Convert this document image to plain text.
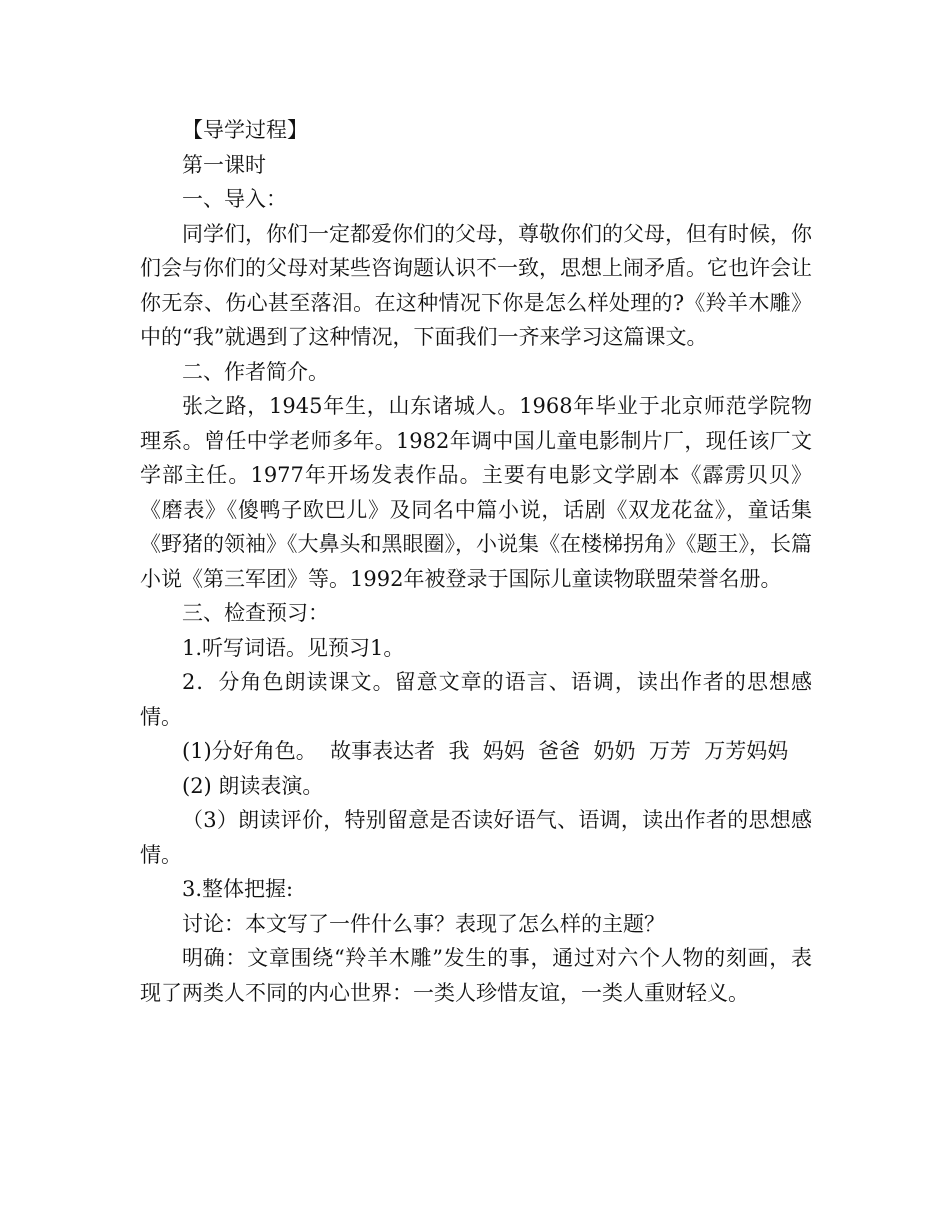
【导学过程】

第一课时

一、导入：

同学们，你们一定都爱你们的父母，尊敬你们的父母，但有时候，你们会与你们的父母对某些咨询题认识不一致，思想上闹矛盾。它也许会让你无奈、伤心甚至落泪。在这种情况下你是怎么样处理的?《羚羊木雕》中的“我”就遇到了这种情况，下面我们一齐来学习这篇课文。

二、作者简介。

张之路，1945年生，山东诸城人。1968年毕业于北京师范学院物理系。曾任中学老师多年。1982年调中国儿童电影制片厂，现任该厂文学部主任。1977年开场发表作品。主要有电影文学剧本《霹雳贝贝》《磨表》《傻鸭子欧巴儿》及同名中篇小说，话剧《双龙花盆》，童话集《野猪的领袖》《大鼻头和黑眼圈》，小说集《在楼梯拐角》《题王》，长篇小说《第三军团》等。1992年被登录于国际儿童读物联盟荣誉名册。

三、检查预习：

1.听写词语。见预习1。

2．分角色朗读课文。留意文章的语言、语调，读出作者的思想感情。

(1)分好角色。  故事表达者  我  妈妈  爸爸  奶奶  万芳  万芳妈妈

(2) 朗读表演。

（3）朗读评价，特别留意是否读好语气、语调，读出作者的思想感情。

3.整体把握:

讨论：本文写了一件什么事？表现了怎么样的主题？

明确：文章围绕“羚羊木雕”发生的事，通过对六个人物的刻画，表现了两类人不同的内心世界：一类人珍惜友谊，一类人重财轻义。
